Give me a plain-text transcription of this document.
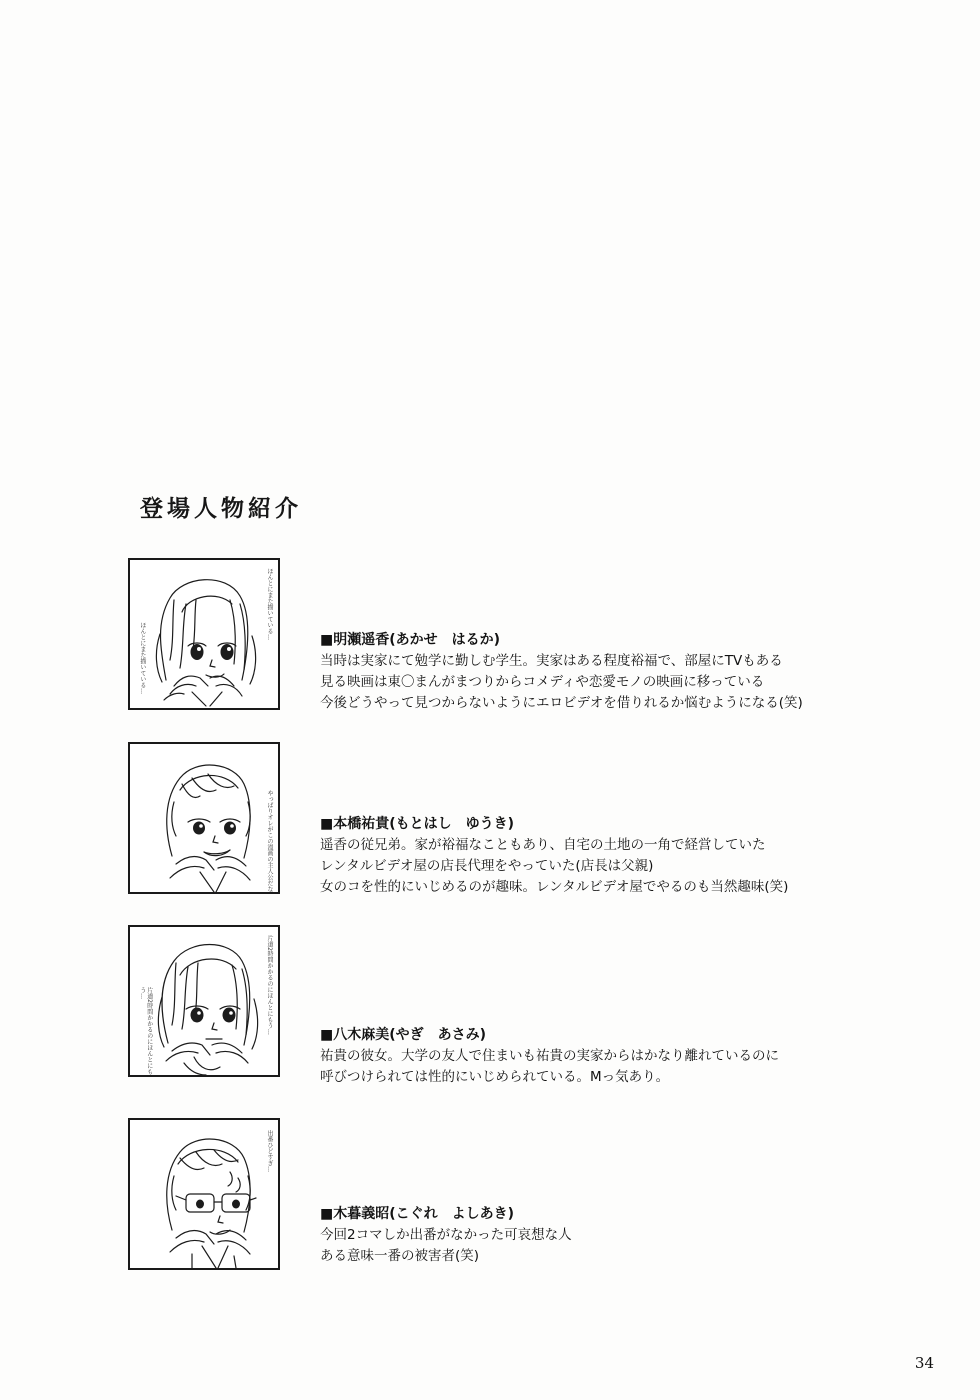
登場人物紹介
ほんとにまた描いている…
ほんとにまた描いている…	■明瀬遥香(あかせ　はるか)
当時は実家にて勉学に勤しむ学生。実家はある程度裕福で、部屋にTVもある
見る映画は東〇まんがまつりからコメディや恋愛モノの映画に移っている
今後どうやって見つからないようにエロビデオを借りれるか悩むようになる(笑)
やっぱりオレがこの漫画の主人公だな	■本橋祐貴(もとはし　ゆうき)
遥香の従兄弟。家が裕福なこともあり、自宅の土地の一角で経営していた
レンタルビデオ屋の店長代理をやっていた(店長は父親)
女のコを性的にいじめるのが趣味。レンタルビデオ屋でやるのも当然趣味(笑)
片道2時間かかるのにほんとにもう…
片道2時間かかるのにほんとにもう…
■八木麻美(やぎ　あさみ)
祐貴の彼女。大学の友人で住まいも祐貴の実家からはかなり離れているのに
呼びつけられては性的にいじめられている。Mっ気あり。
出番ひどすぎ…
■木暮義昭(こぐれ　よしあき)
今回2コマしか出番がなかった可哀想な人
ある意味一番の被害者(笑)
34
